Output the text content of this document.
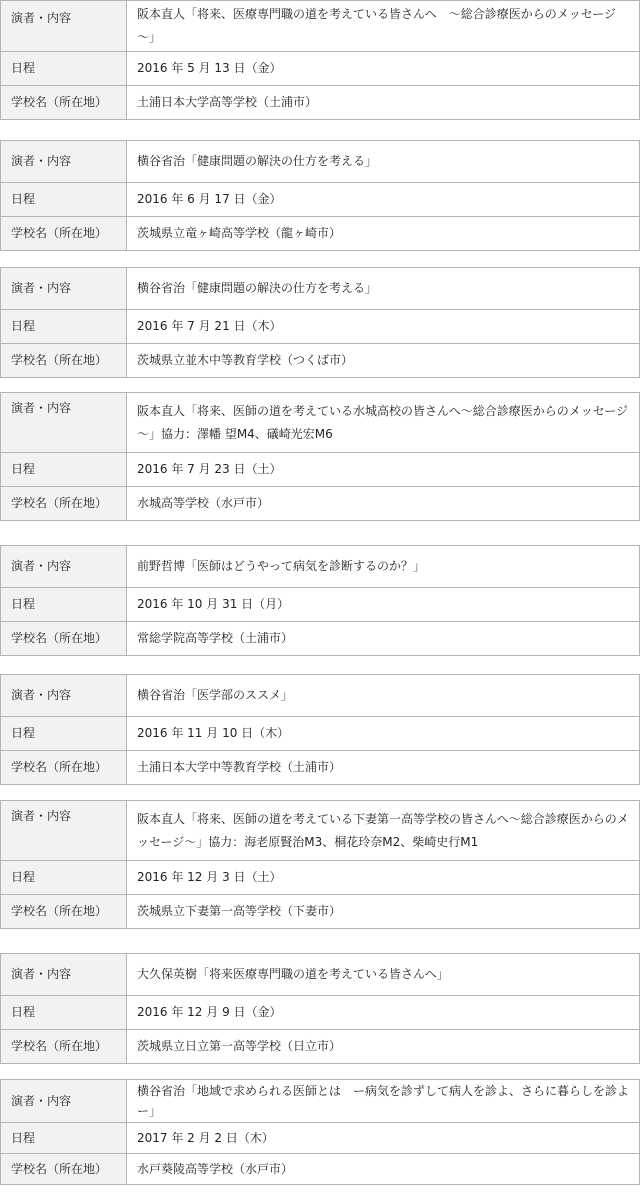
演者・内容	阪本直人「将来、医療専門職の道を考えている皆さんへ　～総合診療医からのメッセージ～」
日程	2016 年 5 月 13 日（金）
学校名（所在地）	土浦日本大学高等学校（土浦市）
演者・内容	横谷省治「健康問題の解決の仕方を考える」
日程	2016 年 6 月 17 日（金）
学校名（所在地）	茨城県立竜ヶ崎高等学校（龍ヶ崎市）
演者・内容	横谷省治「健康問題の解決の仕方を考える」
日程	2016 年 7 月 21 日（木）
学校名（所在地）	茨城県立並木中等教育学校（つくば市）
演者・内容	阪本直人「将来、医師の道を考えている水城高校の皆さんへ～総合診療医からのメッセージ～」協力：澤幡 望M4、礒崎光宏M6
日程	2016 年 7 月 23 日（土）
学校名（所在地）	水城高等学校（水戸市）
演者・内容	前野哲博「医師はどうやって病気を診断するのか？」
日程	2016 年 10 月 31 日（月）
学校名（所在地）	常総学院高等学校（土浦市）
演者・内容	横谷省治「医学部のススメ」
日程	2016 年 11 月 10 日（木）
学校名（所在地）	土浦日本大学中等教育学校（土浦市）
演者・内容	阪本直人「将来、医師の道を考えている下妻第一高等学校の皆さんへ～総合診療医からのメッセージ～」協力：海老原賢治M3、桐花玲奈M2、柴崎史行M1
日程	2016 年 12 月 3 日（土）
学校名（所在地）	茨城県立下妻第一高等学校（下妻市）
演者・内容	大久保英樹「将来医療専門職の道を考えている皆さんへ」
日程	2016 年 12 月 9 日（金）
学校名（所在地）	茨城県立日立第一高等学校（日立市）
演者・内容	横谷省治「地域で求められる医師とは　ー病気を診ずして病人を診よ、さらに暮らしを診よー」
日程	2017 年 2 月 2 日（木）
学校名（所在地）	水戸葵陵高等学校（水戸市）
